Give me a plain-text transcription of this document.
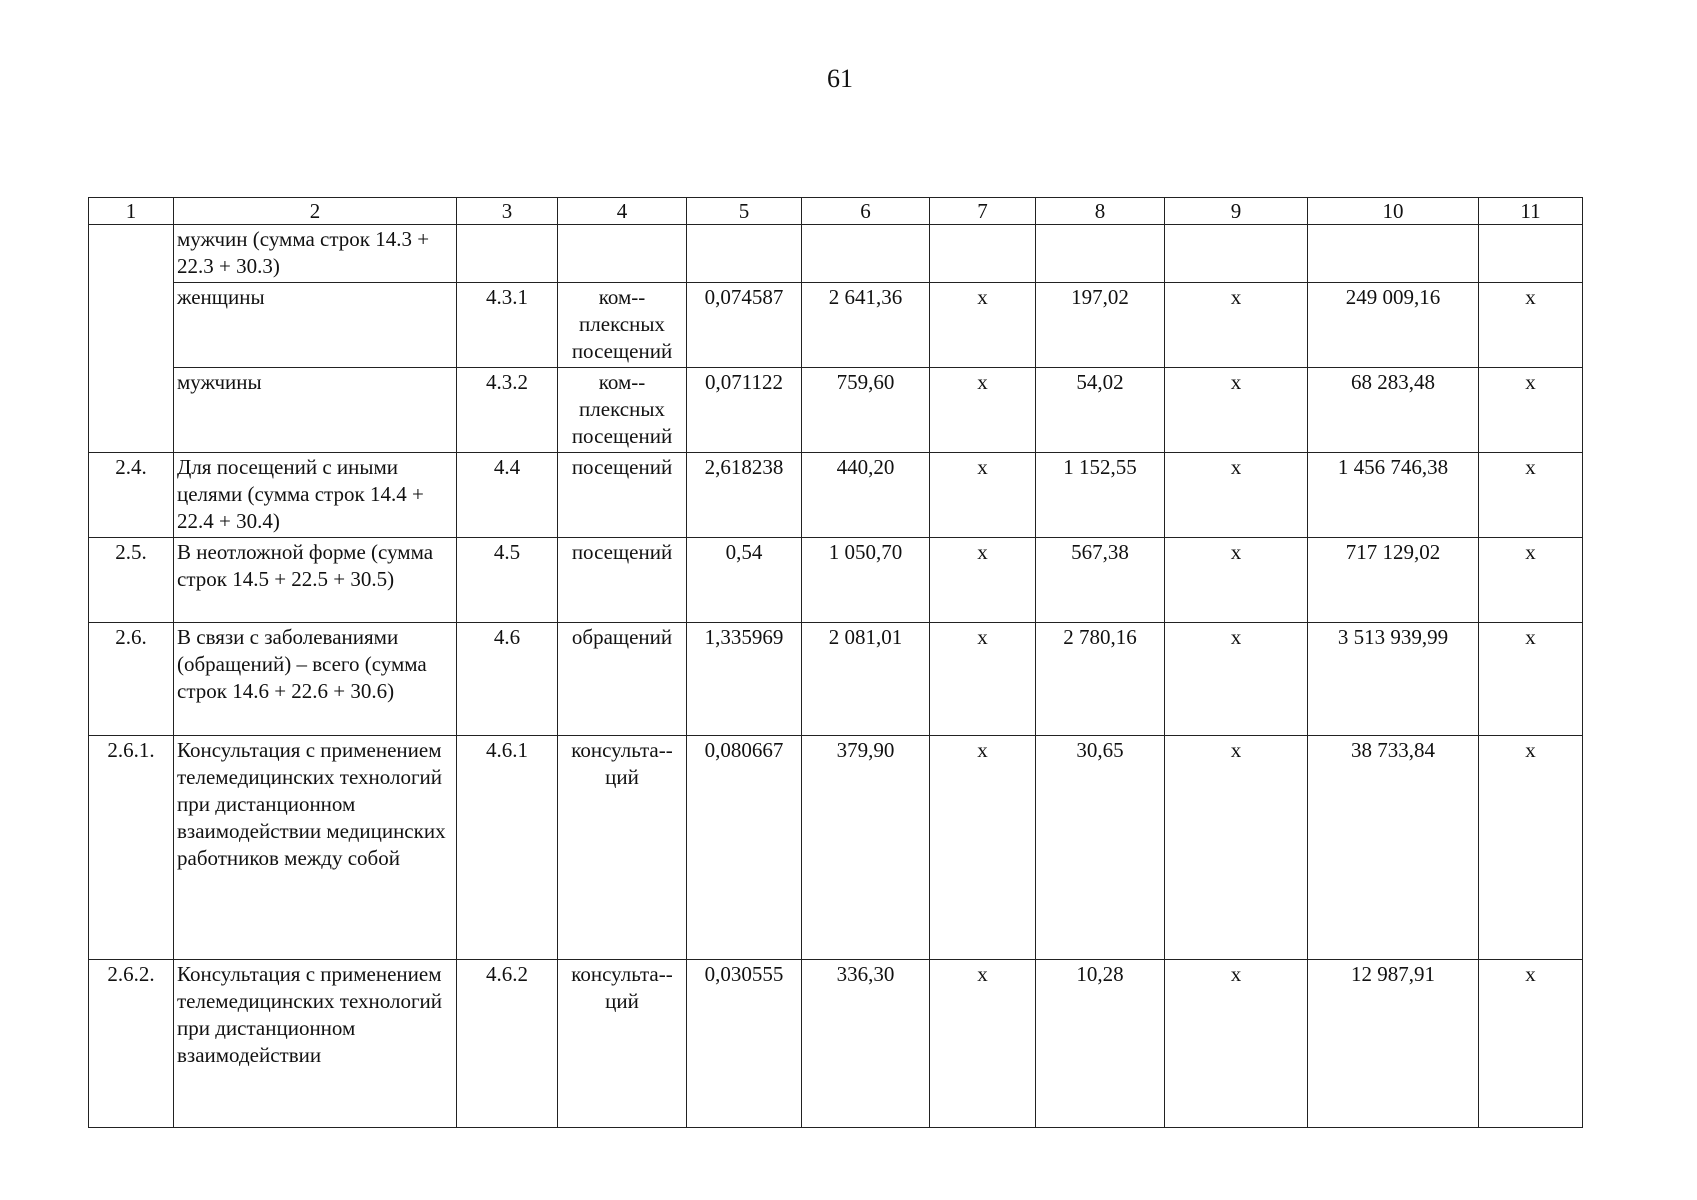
61
1	2	3	4	5	6	7	8	9	10	11
	мужчин (сумма строк 14.3 + 22.3 + 30.3)									
	женщины	4.3.1	ком-плексных посещений	0,074587	2 641,36	х	197,02	х	249 009,16	х
	мужчины	4.3.2	ком-плексных посещений	0,071122	759,60	х	54,02	х	68 283,48	х
2.4.	Для посещений с иными целями (сумма строк 14.4 + 22.4 + 30.4)	4.4	посещений	2,618238	440,20	х	1 152,55	х	1 456 746,38	х
2.5.	В неотложной форме (сумма строк 14.5 + 22.5 + 30.5)	4.5	посещений	0,54	1 050,70	х	567,38	х	717 129,02	х
2.6.	В связи с заболеваниями (обращений) – всего (сумма строк 14.6 + 22.6 + 30.6)	4.6	обращений	1,335969	2 081,01	х	2 780,16	х	3 513 939,99	х
2.6.1.	Консультация с применением телемедицинских технологий при дистанционном взаимодействии медицинских работников между собой	4.6.1	консульта-ций	0,080667	379,90	х	30,65	х	38 733,84	х
2.6.2.	Консультация с применением телемедицинских технологий при дистанционном взаимодействии	4.6.2	консульта-ций	0,030555	336,30	х	10,28	х	12 987,91	х
